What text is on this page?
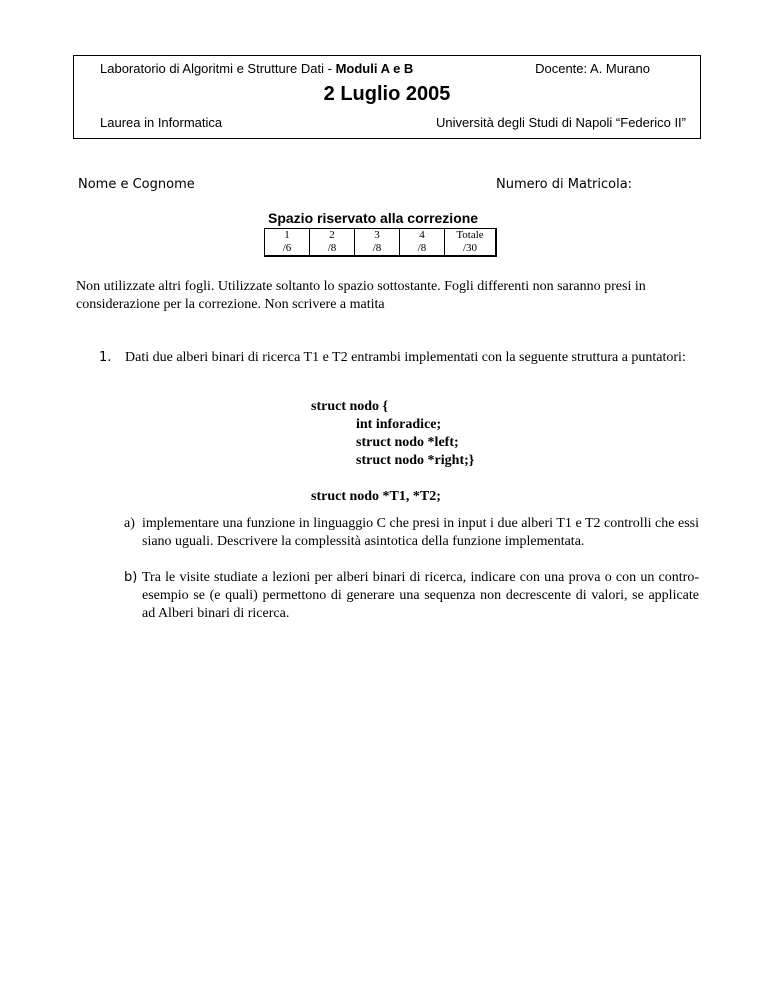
Laboratorio di Algoritmi e Strutture Dati - Moduli A e B	Docente: A. Murano
2 Luglio 2005
Laurea in Informatica	Università degli Studi di Napoli “Federico II”
Nome e Cognome	Numero di Matricola:
Spazio riservato alla correzione
1	2	3	4	Totale
/6	/8	/8	/8	/30
Non utilizzate altri fogli. Utilizzate soltanto lo spazio sottostante. Fogli differenti non saranno presi in considerazione per la correzione. Non scrivere a matita
1. Dati due alberi binari di ricerca T1 e T2 entrambi implementati con la seguente struttura a puntatori:
struct nodo {
int inforadice;
struct nodo *left;
struct nodo *right;}
struct nodo *T1, *T2;
a) implementare una funzione in linguaggio C che presi in input i due alberi T1 e T2 controlli che essi siano uguali. Descrivere la complessità asintotica della funzione implementata.
b) Tra le visite studiate a lezioni per alberi binari di ricerca, indicare con una prova o con un contro-esempio se (e quali) permettono di generare una sequenza non decrescente di valori, se applicate ad Alberi binari di ricerca.
